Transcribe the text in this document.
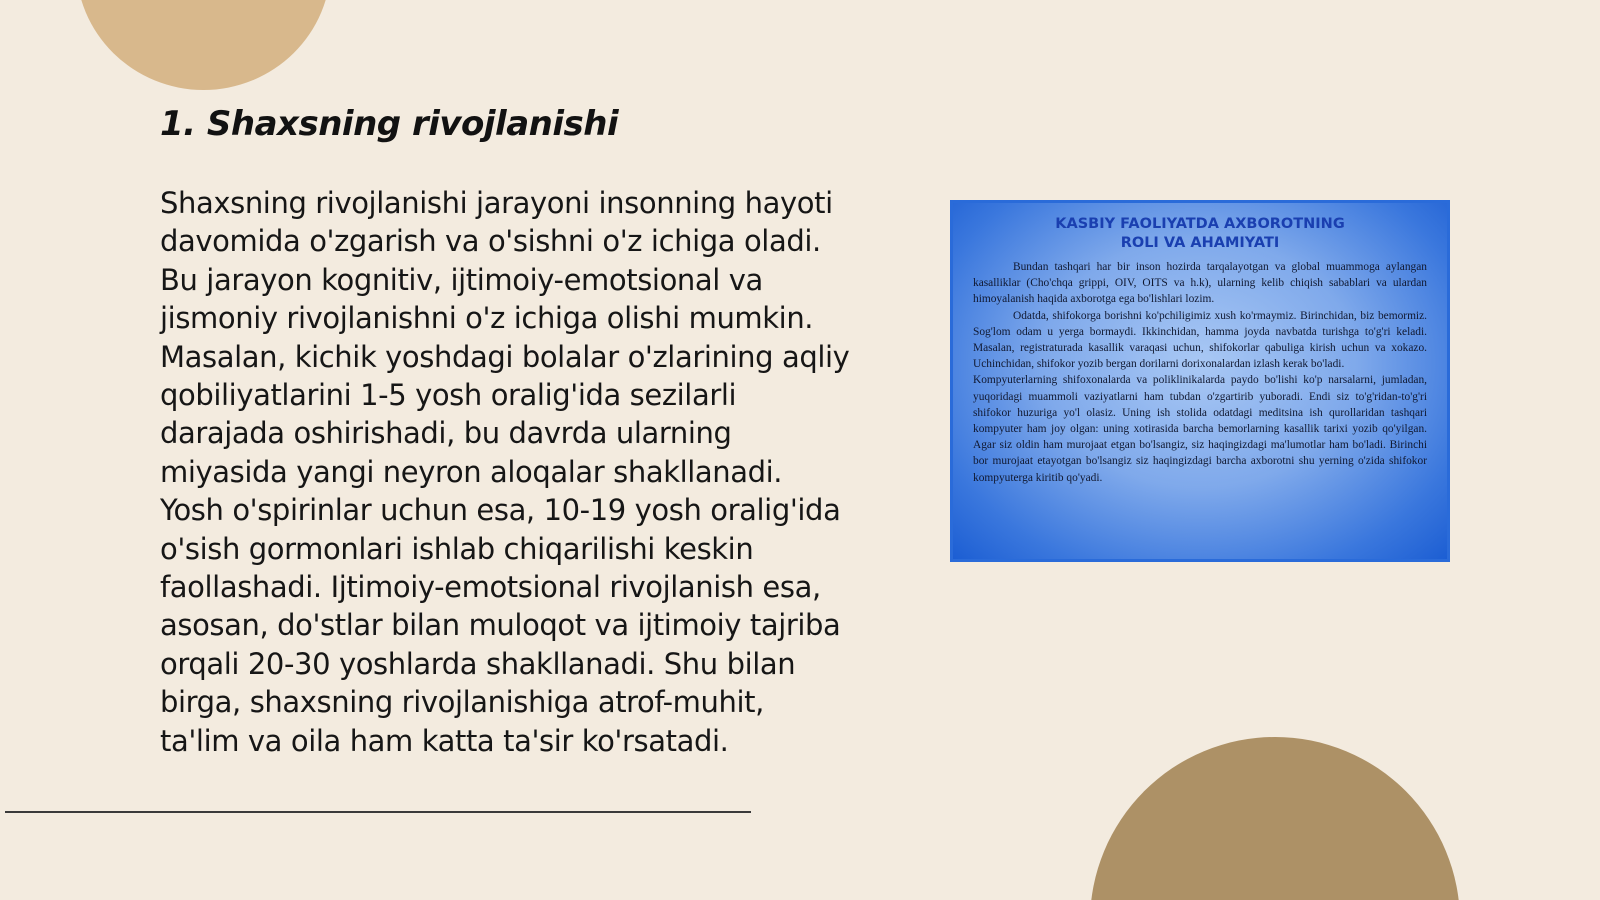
1. Shaxsning rivojlanishi

Shaxsning rivojlanishi jarayoni insonning hayoti davomida o'zgarish va o'sishni o'z ichiga oladi. Bu jarayon kognitiv, ijtimoiy-emotsional va jismoniy rivojlanishni o'z ichiga olishi mumkin. Masalan, kichik yoshdagi bolalar o'zlarining aqliy qobiliyatlarini 1-5 yosh oralig'ida sezilarli darajada oshirishadi, bu davrda ularning miyasida yangi neyron aloqalar shakllanadi. Yosh o'spirinlar uchun esa, 10-19 yosh oralig'ida o'sish gormonlari ishlab chiqarilishi keskin faollashadi. Ijtimoiy-emotsional rivojlanish esa, asosan, do'stlar bilan muloqot va ijtimoiy tajriba orqali 20-30 yoshlarda shakllanadi. Shu bilan birga, shaxsning rivojlanishiga atrof-muhit, ta'lim va oila ham katta ta'sir ko'rsatadi.

KASBIY FAOLIYATDA AXBOROTNING
ROLI VA AHAMIYATI

Bundan tashqari har bir inson hozirda tarqalayotgan va global muammoga aylangan kasalliklar (Cho'chqa grippi, OIV, OITS va h.k), ularning kelib chiqish sabablari va ulardan himoyalanish haqida axborotga ega bo'lishlari lozim.

Odatda, shifokorga borishni ko'pchiligimiz xush ko'rmaymiz. Birinchidan, biz bemormiz. Sog'lom odam u yerga bormaydi. Ikkinchidan, hamma joyda navbatda turishga to'g'ri keladi. Masalan, registraturada kasallik varaqasi uchun, shifokorlar qabuliga kirish uchun va xokazo. Uchinchidan, shifokor yozib bergan dorilarni dorixonalardan izlash kerak bo'ladi.

Kompyuterlarning shifoxonalarda va poliklinikalarda paydo bo'lishi ko'p narsalarni, jumladan, yuqoridagi muammoli vaziyatlarni ham tubdan o'zgartirib yuboradi. Endi siz to'g'ridan-to'g'ri shifokor huzuriga yo'l olasiz. Uning ish stolida odatdagi meditsina ish qurollaridan tashqari kompyuter ham joy olgan: uning xotirasida barcha bemorlarning kasallik tarixi yozib qo'yilgan. Agar siz oldin ham murojaat etgan bo'lsangiz, siz haqingizdagi ma'lumotlar ham bo'ladi. Birinchi bor murojaat etayotgan bo'lsangiz siz haqingizdagi barcha axborotni shu yerning o'zida shifokor kompyuterga kiritib qo'yadi.
